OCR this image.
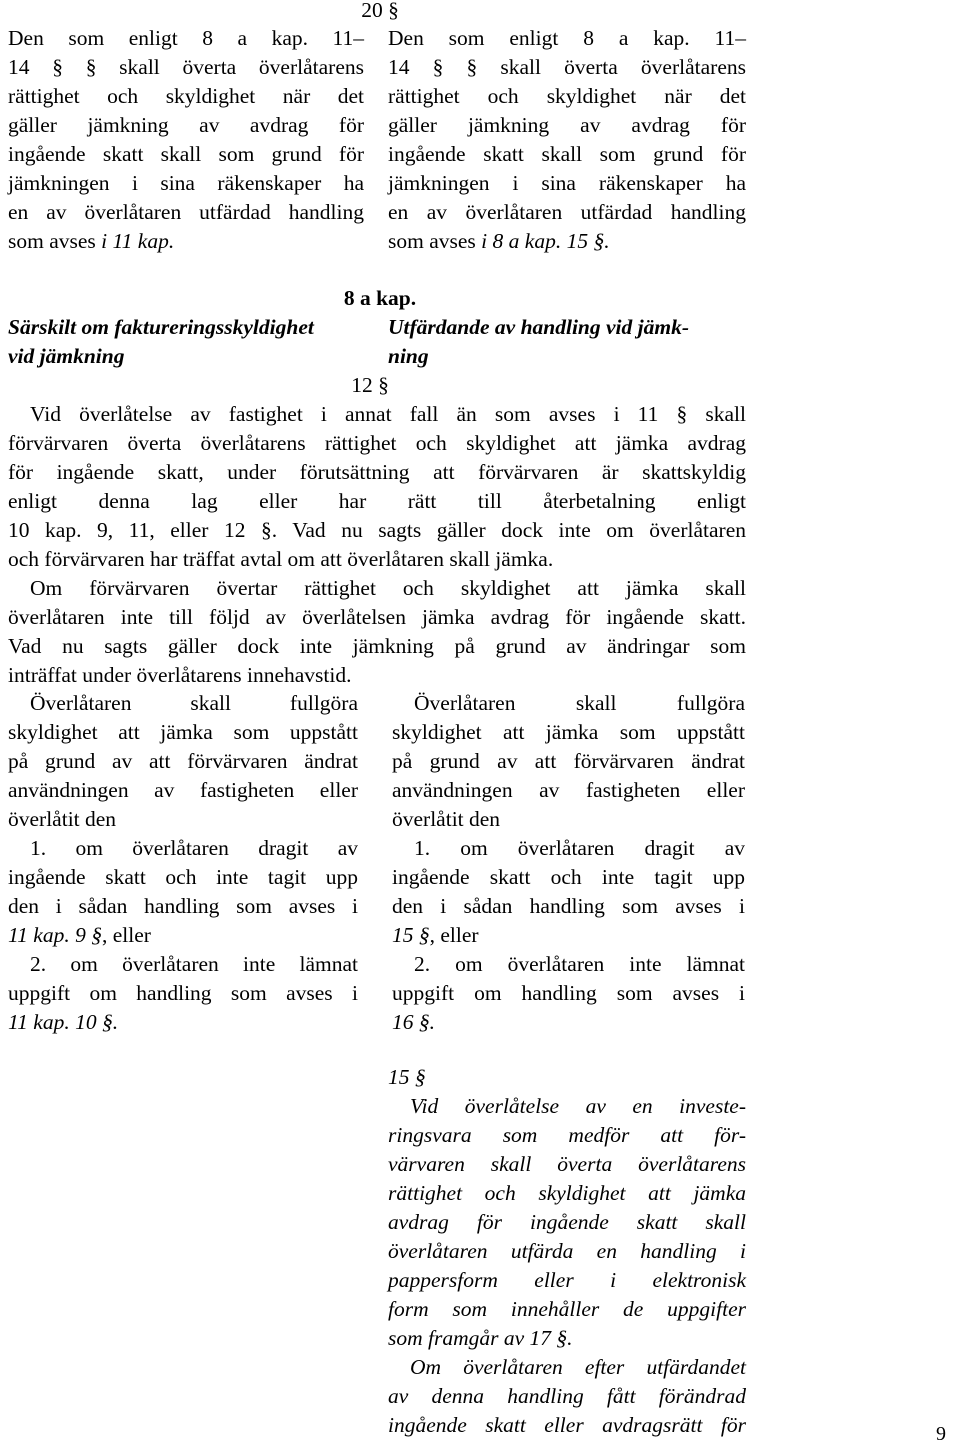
20 §
Den som enligt 8 a kap. 11–
14 § § skall överta överlåtarens
rättighet och skyldighet när det
gäller jämkning av avdrag för
ingående skatt skall som grund för
jämkningen i sina räkenskaper ha
en av överlåtaren utfärdad handling
som avses i 11 kap.
Den som enligt 8 a kap. 11–
14 § § skall överta överlåtarens
rättighet och skyldighet när det
gäller jämkning av avdrag för
ingående skatt skall som grund för
jämkningen i sina räkenskaper ha
en av överlåtaren utfärdad handling
som avses i 8 a kap. 15 §.
8 a kap.
Särskilt om faktureringsskyldighet
vid jämkning
Utfärdande av handling vid jämk-
ning
12 §
Vid överlåtelse av fastighet i annat fall än som avses i 11 § skall
förvärvaren överta överlåtarens rättighet och skyldighet att jämka avdrag
för ingående skatt, under förutsättning att förvärvaren är skattskyldig
enligt denna lag eller har rätt till återbetalning enligt
10 kap. 9, 11, eller 12 §. Vad nu sagts gäller dock inte om överlåtaren
och förvärvaren har träffat avtal om att överlåtaren skall jämka.
Om förvärvaren övertar rättighet och skyldighet att jämka skall
överlåtaren inte till följd av överlåtelsen jämka avdrag för ingående skatt.
Vad nu sagts gäller dock inte jämkning på grund av ändringar som
inträffat under överlåtarens innehavstid.
Överlåtaren skall fullgöra
skyldighet att jämka som uppstått
på grund av att förvärvaren ändrat
användningen av fastigheten eller
överlåtit den
1. om överlåtaren dragit av
ingående skatt och inte tagit upp
den i sådan handling som avses i
11 kap. 9 §, eller
2. om överlåtaren inte lämnat
uppgift om handling som avses i
11 kap. 10 §.
Överlåtaren skall fullgöra
skyldighet att jämka som uppstått
på grund av att förvärvaren ändrat
användningen av fastigheten eller
överlåtit den
1. om överlåtaren dragit av
ingående skatt och inte tagit upp
den i sådan handling som avses i
15 §, eller
2. om överlåtaren inte lämnat
uppgift om handling som avses i
16 §.
15 §
Vid överlåtelse av en investe-
ringsvara som medför att för-
värvaren skall överta överlåtarens
rättighet och skyldighet att jämka
avdrag för ingående skatt skall
överlåtaren utfärda en handling i
pappersform eller i elektronisk
form som innehåller de uppgifter
som framgår av 17 §.
Om överlåtaren efter utfärdandet
av denna handling fått förändrad
ingående skatt eller avdragsrätt för	9
